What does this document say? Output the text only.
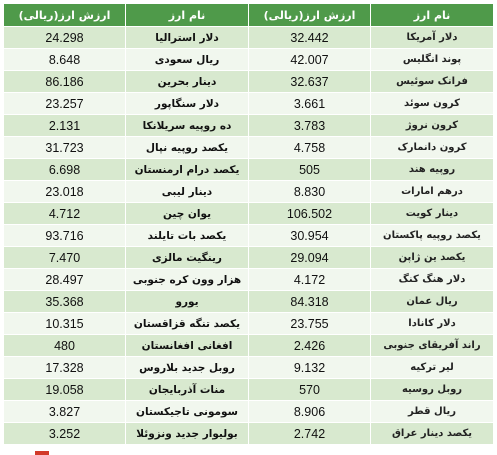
نام ارز	ارزش ارز(ریالی)	نام ارز	ارزش ارز(ریالی)
دلار آمریکا	32.442	دلار استرالیا	24.298
پوند انگلیس	42.007	ریال سعودی	8.648
فرانک سوئیس	32.637	دینار بحرین	86.186
کرون سوئد	3.661	دلار سنگاپور	23.257
کرون نروژ	3.783	ده روپیه سریلانکا	2.131
کرون دانمارک	4.758	یکصد روپیه نپال	31.723
روپیه هند	505	یکصد درام ارمنستان	6.698
درهم امارات	8.830	دینار لیبی	23.018
دینار کویت	106.502	یوان چین	4.712
یکصد روپیه پاکستان	30.954	یکصد بات تایلند	93.716
یکصد ین ژاپن	29.094	رینگیت مالزی	7.470
دلار هنگ کنگ	4.172	هزار وون کره جنوبی	28.497
ریال عمان	84.318	یورو	35.368
دلار کانادا	23.755	یکصد تنگه قزاقستان	10.315
راند آفریقای جنوبی	2.426	افغانی افغانستان	480
لیر ترکیه	9.132	روبل جدید بلاروس	17.328
روبل روسیه	570	منات آذربایجان	19.058
ریال قطر	8.906	سومونی تاجیکستان	3.827
یکصد دینار عراق	2.742	بولیوار جدید ونزوئلا	3.252
